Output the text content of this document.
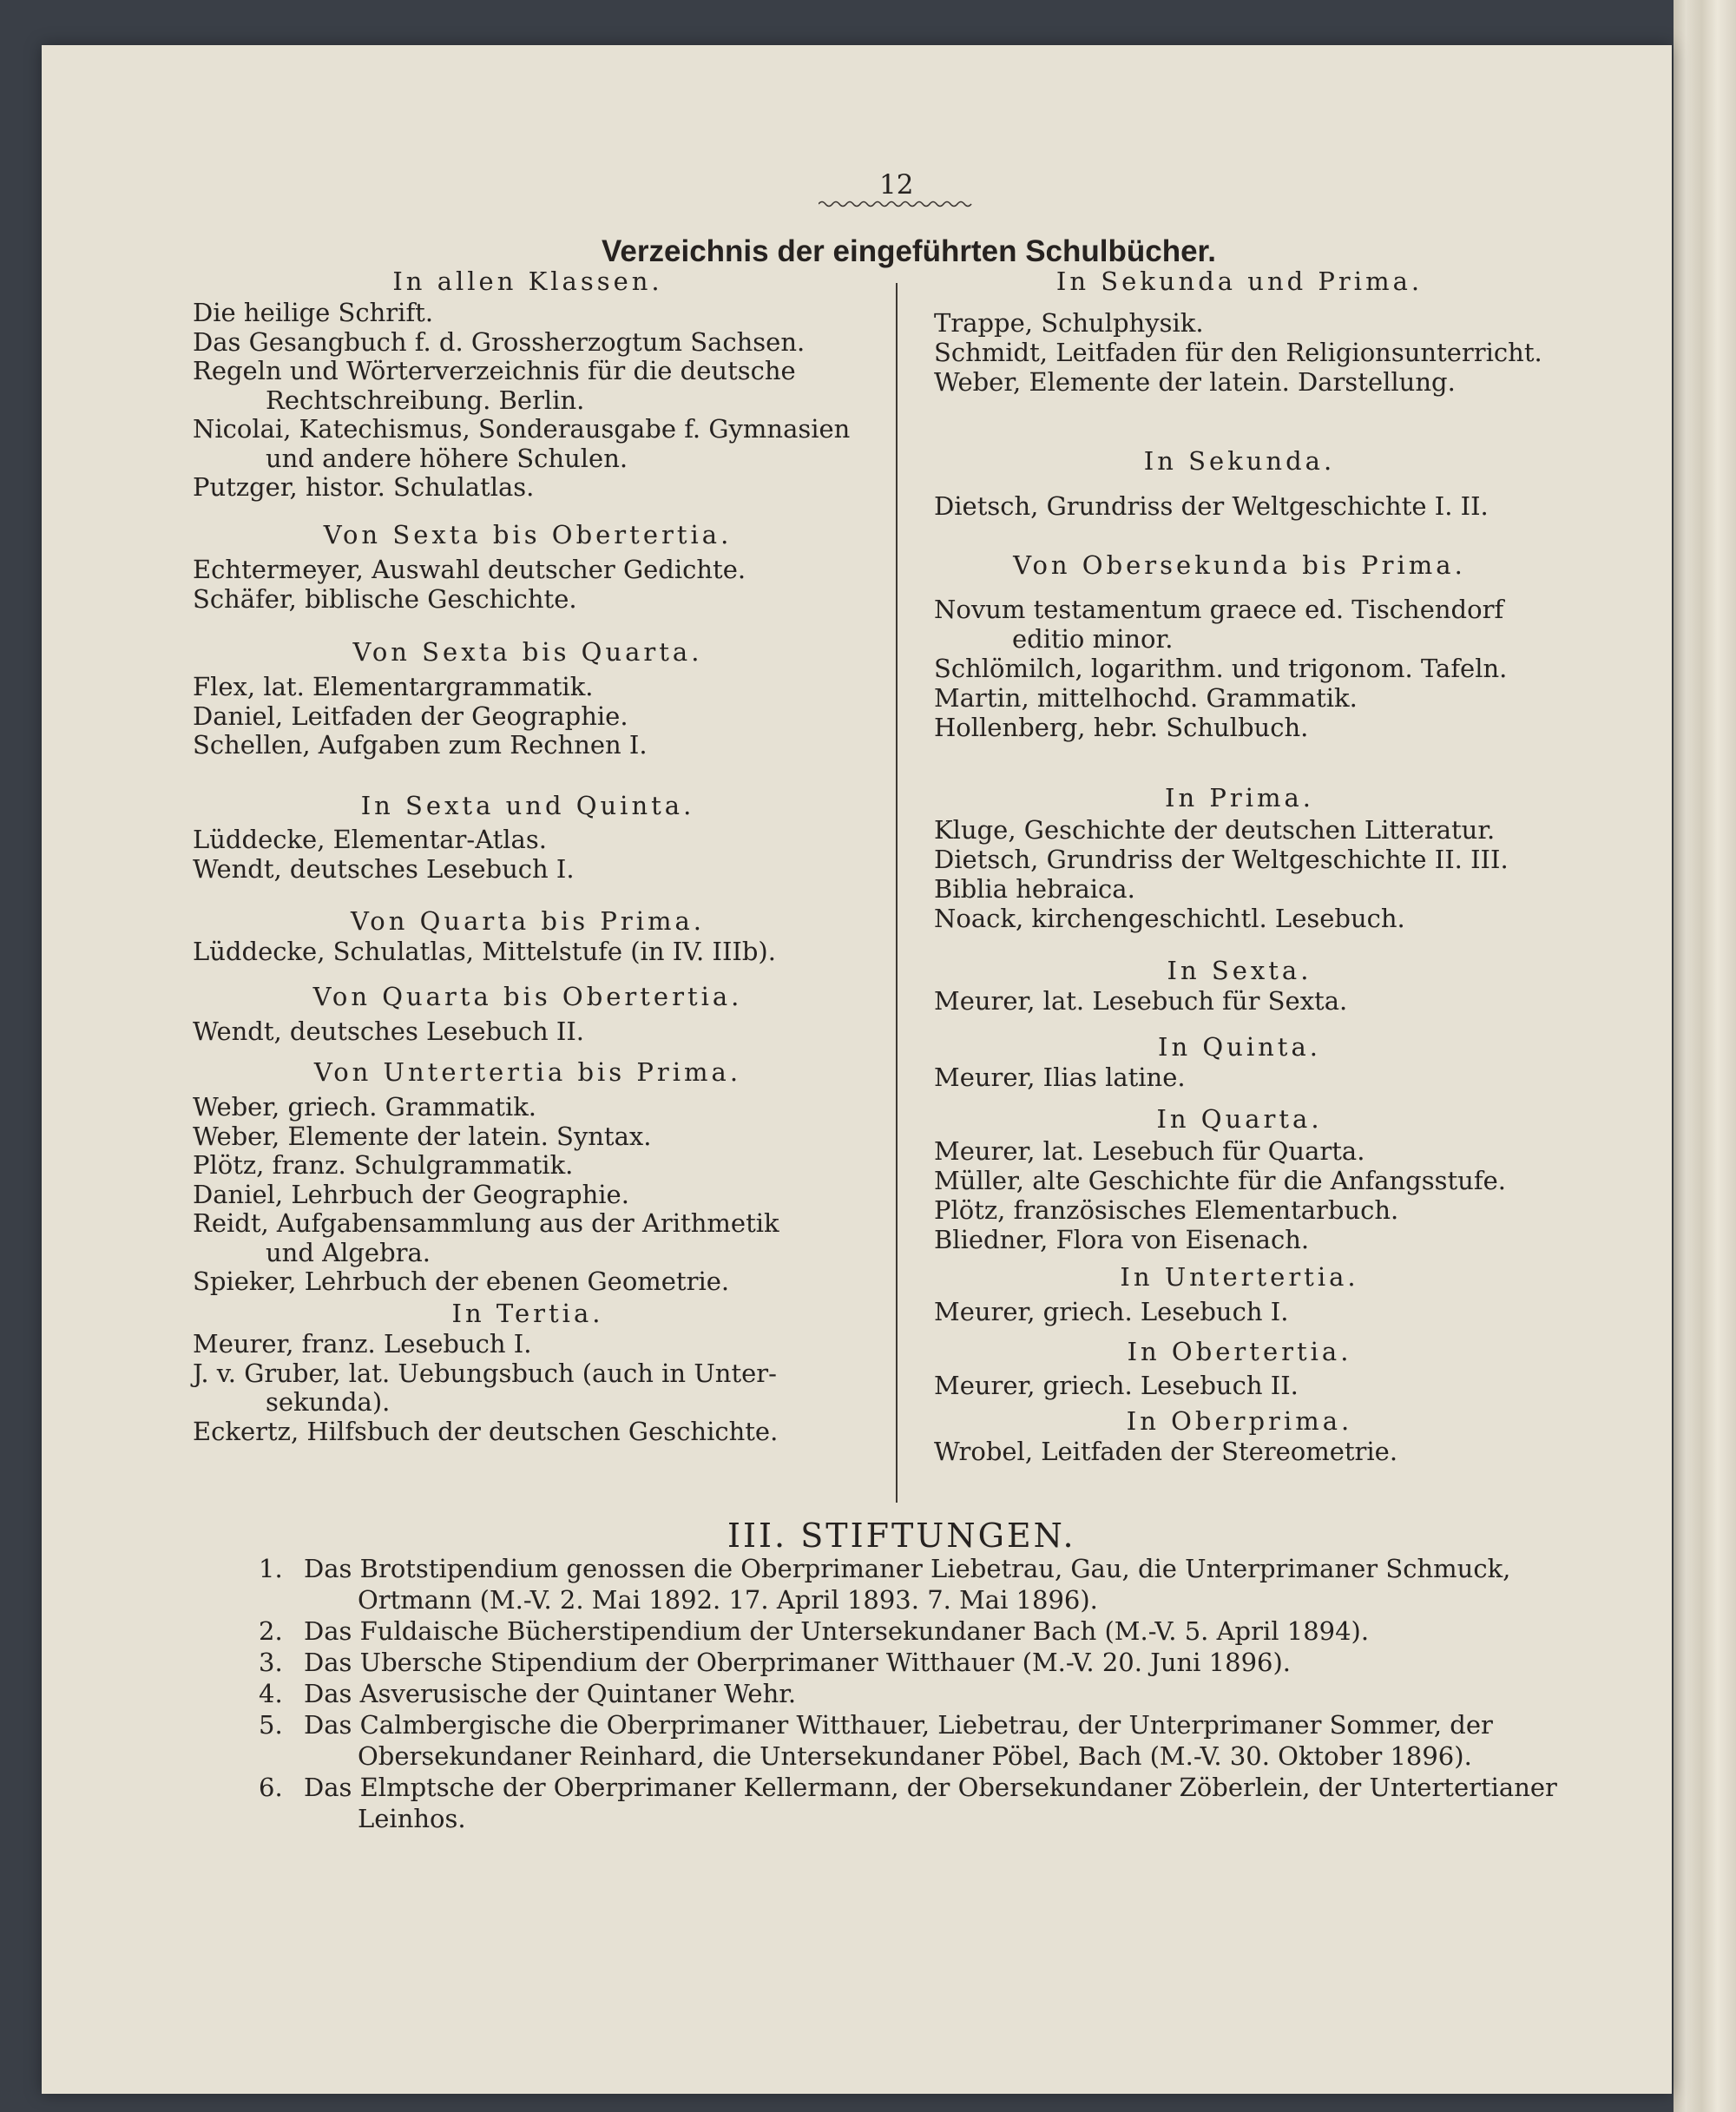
12
Verzeichnis der eingeführten Schulbücher.
In allen Klassen.
Die heilige Schrift.
Das Gesangbuch f. d. Grossherzogtum Sachsen.
Regeln und Wörterverzeichnis für die deutsche
Rechtschreibung. Berlin.
Nicolai, Katechismus, Sonderausgabe f. Gymnasien
und andere höhere Schulen.
Putzger, histor. Schulatlas.
Von Sexta bis Obertertia.
Echtermeyer, Auswahl deutscher Gedichte.
Schäfer, biblische Geschichte.
Von Sexta bis Quarta.
Flex, lat. Elementargrammatik.
Daniel, Leitfaden der Geographie.
Schellen, Aufgaben zum Rechnen I.
In Sexta und Quinta.
Lüddecke, Elementar-Atlas.
Wendt, deutsches Lesebuch I.
Von Quarta bis Prima.
Lüddecke, Schulatlas, Mittelstufe (in IV. IIIb).
Von Quarta bis Obertertia.
Wendt, deutsches Lesebuch II.
Von Untertertia bis Prima.
Weber, griech. Grammatik.
Weber, Elemente der latein. Syntax.
Plötz, franz. Schulgrammatik.
Daniel, Lehrbuch der Geographie.
Reidt, Aufgabensammlung aus der Arithmetik
und Algebra.
Spieker, Lehrbuch der ebenen Geometrie.
In Tertia.
Meurer, franz. Lesebuch I.
J. v. Gruber, lat. Uebungsbuch (auch in Unter-
sekunda).
Eckertz, Hilfsbuch der deutschen Geschichte.
In Sekunda und Prima.
Trappe, Schulphysik.
Schmidt, Leitfaden für den Religionsunterricht.
Weber, Elemente der latein. Darstellung.
In Sekunda.
Dietsch, Grundriss der Weltgeschichte I. II.
Von Obersekunda bis Prima.
Novum testamentum graece ed. Tischendorf
editio minor.
Schlömilch, logarithm. und trigonom. Tafeln.
Martin, mittelhochd. Grammatik.
Hollenberg, hebr. Schulbuch.
In Prima.
Kluge, Geschichte der deutschen Litteratur.
Dietsch, Grundriss der Weltgeschichte II. III.
Biblia hebraica.
Noack, kirchengeschichtl. Lesebuch.
In Sexta.
Meurer, lat. Lesebuch für Sexta.
In Quinta.
Meurer, Ilias latine.
In Quarta.
Meurer, lat. Lesebuch für Quarta.
Müller, alte Geschichte für die Anfangsstufe.
Plötz, französisches Elementarbuch.
Bliedner, Flora von Eisenach.
In Untertertia.
Meurer, griech. Lesebuch I.
In Obertertia.
Meurer, griech. Lesebuch II.
In Oberprima.
Wrobel, Leitfaden der Stereometrie.
III. STIFTUNGEN.
1. Das Brotstipendium genossen die Oberprimaner Liebetrau, Gau, die Unterprimaner Schmuck,
Ortmann (M.-V. 2. Mai 1892. 17. April 1893. 7. Mai 1896).
2. Das Fuldaische Bücherstipendium der Untersekundaner Bach (M.-V. 5. April 1894).
3. Das Ubersche Stipendium der Oberprimaner Witthauer (M.-V. 20. Juni 1896).
4. Das Asverusische der Quintaner Wehr.
5. Das Calmbergische die Oberprimaner Witthauer, Liebetrau, der Unterprimaner Sommer, der
Obersekundaner Reinhard, die Untersekundaner Pöbel, Bach (M.-V. 30. Oktober 1896).
6. Das Elmptsche der Oberprimaner Kellermann, der Obersekundaner Zöberlein, der Untertertianer
Leinhos.
